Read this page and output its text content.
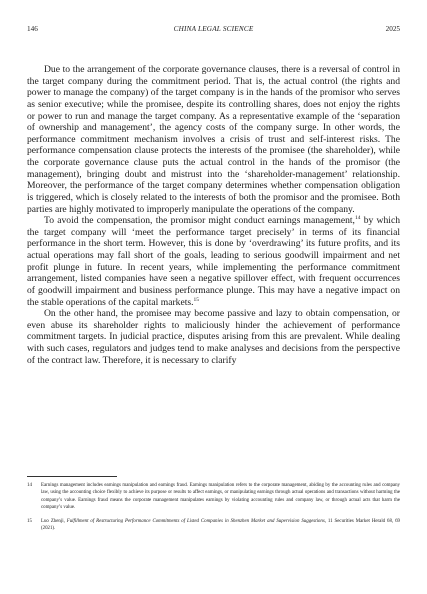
146	CHINA LEGAL SCIENCE	2025

Due to the arrangement of the corporate governance clauses, there is a reversal of control in the target company during the commitment period. That is, the actual control (the rights and power to manage the company) of the target company is in the hands of the promisor who serves as senior executive; while the promisee, despite its controlling shares, does not enjoy the rights or power to run and manage the target company. As a representative example of the ‘separation of ownership and management’, the agency costs of the company surge. In other words, the performance commitment mechanism involves a crisis of trust and self-interest risks. The performance compensation clause protects the interests of the promisee (the shareholder), while the corporate governance clause puts the actual control in the hands of the promisor (the management), bringing doubt and mistrust into the ‘shareholder-management’ relationship. Moreover, the performance of the target company determines whether compensation obligation is triggered, which is closely related to the interests of both the promisor and the promisee. Both parties are highly motivated to improperly manipulate the operations of the company.

To avoid the compensation, the promisor might conduct earnings management,$^{14}$ by which the target company will ‘meet the performance target precisely’ in terms of its financial performance in the short term. However, this is done by ‘overdrawing’ its future profits, and its actual operations may fall short of the goals, leading to serious goodwill impairment and net profit plunge in future. In recent years, while implementing the performance commitment arrangement, listed companies have seen a negative spillover effect, with frequent occurrences of goodwill impairment and business performance plunge. This may have a negative impact on the stable operations of the capital markets.$^{15}$

On the other hand, the promisee may become passive and lazy to obtain compensation, or even abuse its shareholder rights to maliciously hinder the achievement of performance commitment targets. In judicial practice, disputes arising from this are prevalent. While dealing with such cases, regulators and judges tend to make analyses and decisions from the perspective of the contract law. Therefore, it is necessary to clarify

14 Earnings management includes earnings manipulation and earnings fraud. Earnings manipulation refers to the corporate management, abiding by the accounting rules and company law, using the accounting choice flexibly to achieve its purpose or results to affect earnings, or manipulating earnings through actual operations and transactions without harming the company’s value. Earnings fraud means the corporate management manipulates earnings by violating accounting rules and company law, or through actual acts that harm the company’s value.
15 Luo Zhenji, Fulfillment of Restructuring Performance Commitments of Listed Companies in Shenzhen Market and Supervision Suggestions, 11 Securities Market Herald 68, 69 (2021).
